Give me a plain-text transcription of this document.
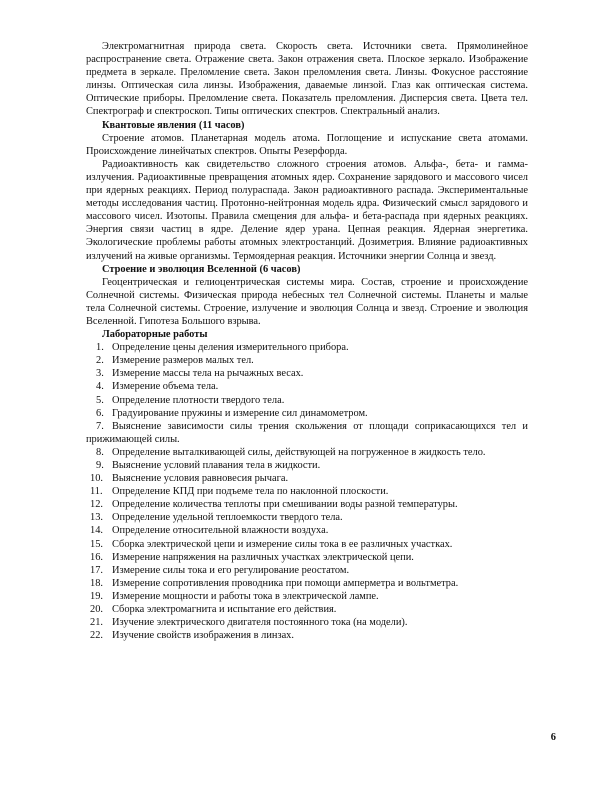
Электромагнитная природа света. Скорость света. Источники света. Прямолинейное распространение света. Отражение света. Закон отражения света. Плоское зеркало. Изображение предмета в зеркале. Преломление света. Закон преломления света. Линзы. Фокусное расстояние линзы. Оптическая сила линзы. Изображения, даваемые линзой. Глаз как оптическая система. Оптические приборы. Преломление света. Показатель преломления. Дисперсия света. Цвета тел. Спектрограф и спектроскоп. Типы оптических спектров. Спектральный анализ.

Квантовые явления (11 часов)

Строение атомов. Планетарная модель атома. Поглощение и испускание света атомами. Происхождение линейчатых спектров. Опыты Резерфорда.

Радиоактивность как свидетельство сложного строения атомов. Альфа-, бета- и гамма-излучения. Радиоактивные превращения атомных ядер. Сохранение зарядового и массового чисел при ядерных реакциях. Период полураспада. Закон радиоактивного распада. Экспериментальные методы исследования частиц. Протонно-нейтронная модель ядра. Физический смысл зарядового и массового чисел. Изотопы. Правила смещения для альфа- и бета-распада при ядерных реакциях. Энергия связи частиц в ядре. Деление ядер урана. Цепная реакция. Ядерная энергетика. Экологические проблемы работы атомных электростанций. Дозиметрия. Влияние радиоактивных излучений на живые организмы. Термоядерная реакция. Источники энергии Солнца и звезд.

Строение и эволюция Вселенной (6 часов)

Геоцентрическая и гелиоцентрическая системы мира. Состав, строение и происхождение Солнечной системы. Физическая природа небесных тел Солнечной системы. Планеты и малые тела Солнечной системы. Строение, излучение и эволюция Солнца и звезд. Строение и эволюция Вселенной. Гипотеза Большого взрыва.

Лабораторные работы

1. Определение цены деления измерительного прибора.
2. Измерение размеров малых тел.
3. Измерение массы тела на рычажных весах.
4. Измерение объема тела.
5. Определение плотности твердого тела.
6. Градуирование пружины и измерение сил динамометром.
7. Выяснение зависимости силы трения скольжения от площади соприкасающихся тел и прижимающей силы.
8. Определение выталкивающей силы, действующей на погруженное в жидкость тело.
9. Выяснение условий плавания тела в жидкости.
10. Выяснение условия равновесия рычага.
11. Определение КПД при подъеме тела по наклонной плоскости.
12. Определение количества теплоты при смешивании воды разной температуры.
13. Определение удельной теплоемкости твердого тела.
14. Определение относительной влажности воздуха.
15. Сборка электрической цепи и измерение силы тока в ее различных участках.
16. Измерение напряжения на различных участках электрической цепи.
17. Измерение силы тока и его регулирование реостатом.
18. Измерение сопротивления проводника при помощи амперметра и вольтметра.
19. Измерение мощности и работы тока в электрической лампе.
20. Сборка электромагнита и испытание его действия.
21. Изучение электрического двигателя постоянного тока (на модели).
22. Изучение свойств изображения в линзах.
6
